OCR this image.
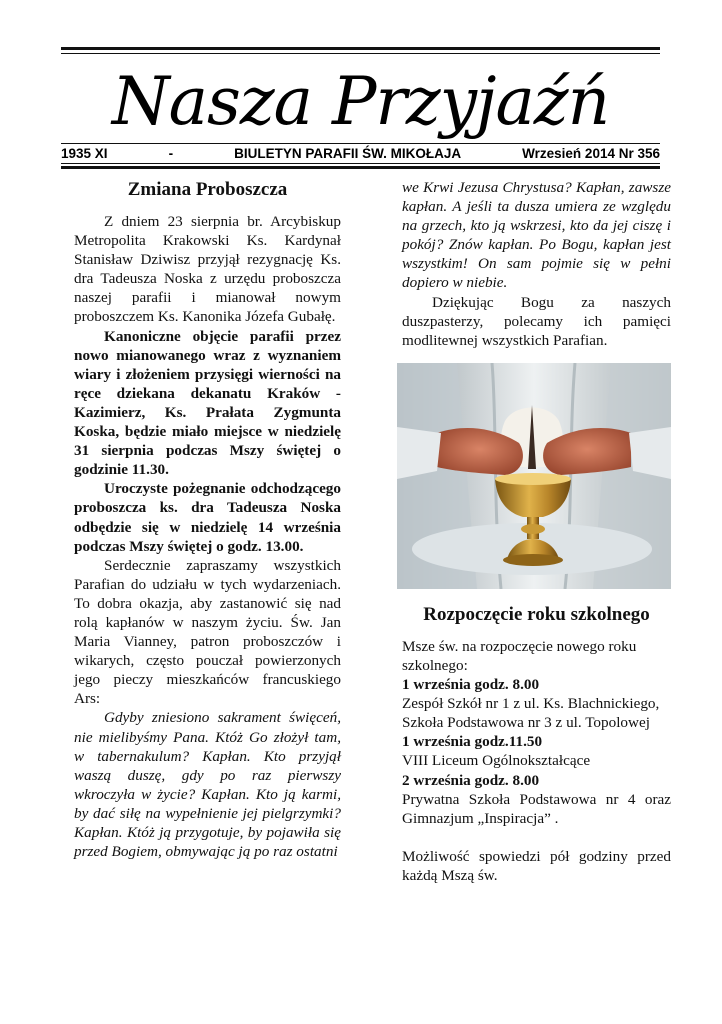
Nasza Przyjaźń
1935 XI	-	BIULETYN PARAFII ŚW. MIKOŁAJA	Wrzesień 2014 Nr 356
Zmiana Proboszcza

Z dniem 23 sierpnia br. Arcybiskup Metropolita Krakowski Ks. Kardynał Stanisław Dziwisz przyjął rezygnację Ks. dra Tadeusza Noska z urzędu proboszcza naszej parafii i mianował nowym proboszczem Ks. Kanonika Józefa Gubałę.

Kanoniczne objęcie parafii przez nowo mianowanego wraz z wyznaniem wiary i złożeniem przysięgi wierności na ręce dziekana dekanatu Kraków - Kazimierz, Ks. Prałata Zygmunta Koska, będzie miało miejsce w niedzielę 31 sierpnia podczas Mszy świętej o godzinie 11.30.

Uroczyste pożegnanie odchodzącego proboszcza ks. dra Tadeusza Noska odbędzie się w niedzielę 14 września podczas Mszy świętej o godz. 13.00.

Serdecznie zapraszamy wszystkich Parafian do udziału w tych wydarzeniach. To dobra okazja, aby zastanowić się nad rolą kapłanów w naszym życiu. Św. Jan Maria Vianney, patron proboszczów i wikarych, często pouczał powierzonych jego pieczy mieszkańców francuskiego Ars:

Gdyby zniesiono sakrament święceń, nie mielibyśmy Pana. Któż Go złożył tam, w tabernakulum? Kapłan. Kto przyjął waszą duszę, gdy po raz pierwszy wkroczyła w życie? Kapłan. Kto ją karmi, by dać siłę na wypełnienie jej pielgrzymki? Kapłan. Któż ją przygotuje, by pojawiła się przed Bogiem, obmywając ją po raz ostatni

we Krwi Jezusa Chrystusa? Kapłan, zawsze kapłan. A jeśli ta dusza umiera ze względu na grzech, kto ją wskrzesi, kto da jej ciszę i pokój? Znów kapłan. Po Bogu, kapłan jest wszystkim! On sam pojmie się w pełni dopiero w niebie.

Dziękując Bogu za naszych duszpasterzy, polecamy ich pamięci modlitewnej wszystkich Parafian.

Rozpoczęcie roku szkolnego

Msze św. na rozpoczęcie nowego roku szkolnego:

1 września godz. 8.00

Zespół Szkół nr 1 z ul. Ks. Blachnickiego,

Szkoła Podstawowa nr 3 z ul. Topolowej

1 września godz.11.50

VIII Liceum Ogólnokształcące

2 września godz. 8.00

Prywatna Szkoła Podstawowa nr 4 oraz Gimnazjum „Inspiracja” .

Możliwość spowiedzi pół godziny przed każdą Mszą św.
